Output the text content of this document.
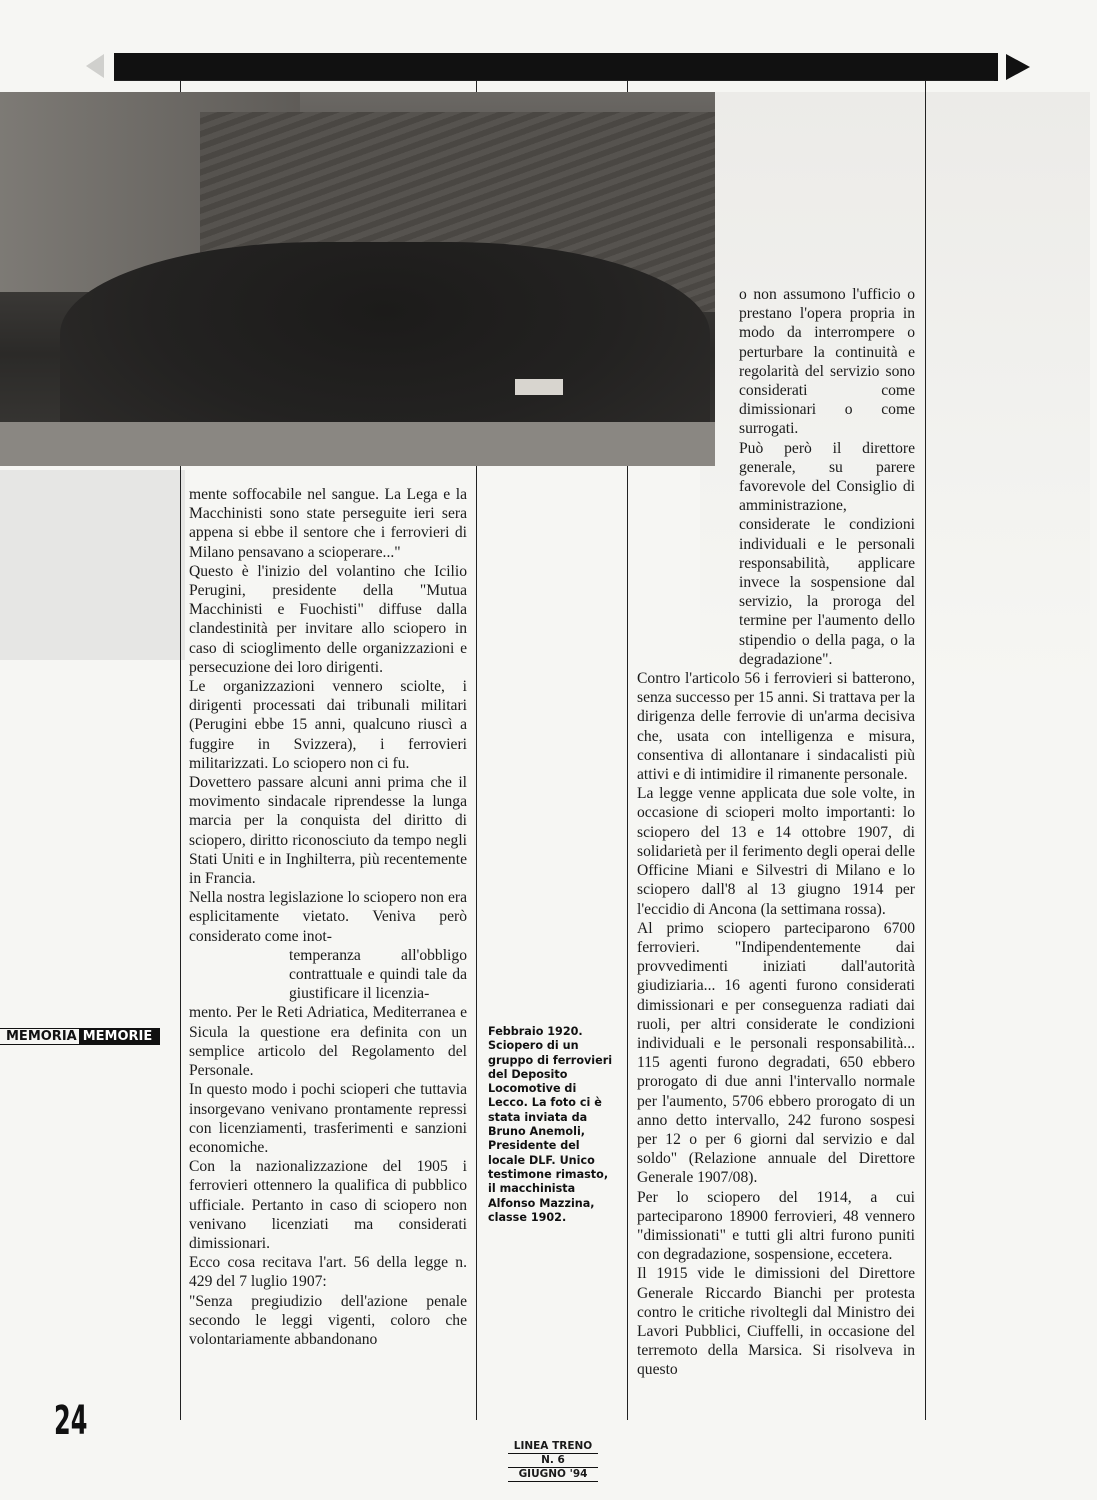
mente soffocabile nel sangue. La Lega e la Macchinisti sono state perseguite ieri sera appena si ebbe il sentore che i ferrovieri di Milano pensavano a scioperare..."

Questo è l'inizio del volantino che Icilio Perugini, presidente della "Mutua Macchinisti e Fuochisti" diffuse dalla clandestinità per invitare allo sciopero in caso di scioglimento delle organizzazioni e persecuzione dei loro dirigenti.

Le organizzazioni vennero sciolte, i dirigenti processati dai tribunali militari (Perugini ebbe 15 anni, qualcuno riuscì a fuggire in Svizzera), i ferrovieri militarizzati. Lo sciopero non ci fu.

Dovettero passare alcuni anni prima che il movimento sindacale riprendesse la lunga marcia per la conquista del diritto di sciopero, diritto riconosciuto da tempo negli Stati Uniti e in Inghilterra, più recentemente in Francia.

Nella nostra legislazione lo sciopero non era esplicitamente vietato. Veniva però considerato come inot-

temperanza all'obbligo contrattuale e quindi tale da giustificare il licenzia-

mento. Per le Reti Adriatica, Mediterranea e Sicula la questione era definita con un semplice articolo del Regolamento del Personale.

In questo modo i pochi scioperi che tuttavia insorgevano venivano prontamente repressi con licenziamenti, trasferimenti e sanzioni economiche.

Con la nazionalizzazione del 1905 i ferrovieri ottennero la qualifica di pubblico ufficiale. Pertanto in caso di sciopero non venivano licenziati ma considerati dimissionari.

Ecco cosa recitava l'art. 56 della legge n. 429 del 7 luglio 1907:

"Senza pregiudizio dell'azione penale secondo le leggi vigenti, coloro che volontariamente abbandonano

o non assumono l'ufficio o prestano l'opera propria in modo da interrompere o perturbare la continuità e regolarità del servizio sono considerati come dimissionari o come surrogati.

Può però il direttore generale, su parere favorevole del Consiglio di amministrazione, considerate le condizioni individuali e le personali responsabilità, applicare invece la sospensione dal servizio, la proroga del termine per l'aumento dello stipendio o della paga, o la degradazione".

Contro l'articolo 56 i ferrovieri si batterono, senza successo per 15 anni. Si trattava per la dirigenza delle ferrovie di un'arma decisiva che, usata con intelligenza e misura, consentiva di allontanare i sindacalisti più attivi e di intimidire il rimanente personale.

La legge venne applicata due sole volte, in occasione di scioperi molto importanti: lo sciopero del 13 e 14 ottobre 1907, di solidarietà per il ferimento degli operai delle Officine Miani e Silvestri di Milano e lo sciopero dall'8 al 13 giugno 1914 per l'eccidio di Ancona (la settimana rossa).

Al primo sciopero parteciparono 6700 ferrovieri. "Indipendentemente dai provvedimenti iniziati dall'autorità giudiziaria... 16 agenti furono considerati dimissionari e per conseguenza radiati dai ruoli, per altri considerate le condizioni individuali e le personali responsabilità... 115 agenti furono degradati, 650 ebbero prorogato di due anni l'intervallo normale per l'aumento, 5706 ebbero prorogato di un anno detto intervallo, 242 furono sospesi per 12 o per 6 giorni dal servizio e dal soldo" (Relazione annuale del Direttore Generale 1907/08).

Per lo sciopero del 1914, a cui parteciparono 18900 ferrovieri, 48 vennero "dimissionati" e tutti gli altri furono puniti con degradazione, sospensione, eccetera.

Il 1915 vide le dimissioni del Direttore Generale Riccardo Bianchi per protesta contro le critiche rivoltegli dal Ministro dei Lavori Pubblici, Ciuffelli, in occasione del terremoto della Marsica. Si risolveva in questo

Febbraio 1920. Sciopero di un gruppo di ferrovieri del Deposito Locomotive di Lecco. La foto ci è stata inviata da Bruno Anemoli, Presidente del locale DLF. Unico testimone rimasto, il macchinista Alfonso Mazzina, classe 1902.
MEMORIA MEMORIE
24
LINEA TRENO
N. 6
GIUGNO '94
